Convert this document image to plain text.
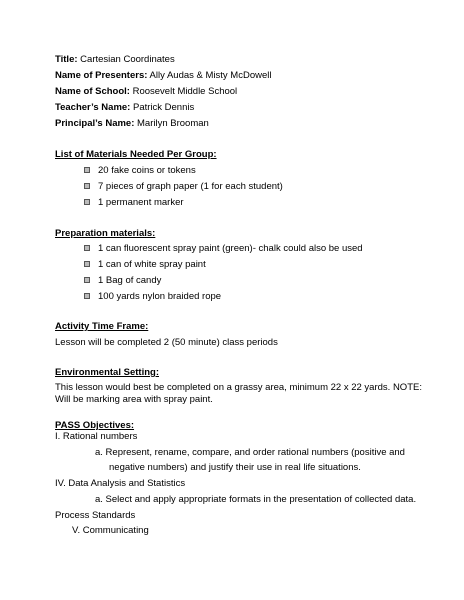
Title: Cartesian Coordinates
Name of Presenters: Ally Audas & Misty McDowell
Name of School: Roosevelt Middle School
Teacher’s Name: Patrick Dennis
Principal’s Name: Marilyn Brooman
List of Materials Needed Per Group:
20 fake coins or tokens
7 pieces of graph paper (1 for each student)
1 permanent marker
Preparation materials:
1 can fluorescent spray paint (green)- chalk could also be used
1 can of white spray paint
1 Bag of candy
100 yards nylon braided rope
Activity Time Frame:
Lesson will be completed 2 (50 minute) class periods
Environmental Setting:
This lesson would best be completed on a grassy area, minimum 22 x 22 yards. NOTE:
Will be marking area with spray paint.
PASS Objectives:
I. Rational numbers
a. Represent, rename, compare, and order rational numbers (positive and
negative numbers) and justify their use in real life situations.
IV. Data Analysis and Statistics
a. Select and apply appropriate formats in the presentation of collected data.
Process Standards
V. Communicating
